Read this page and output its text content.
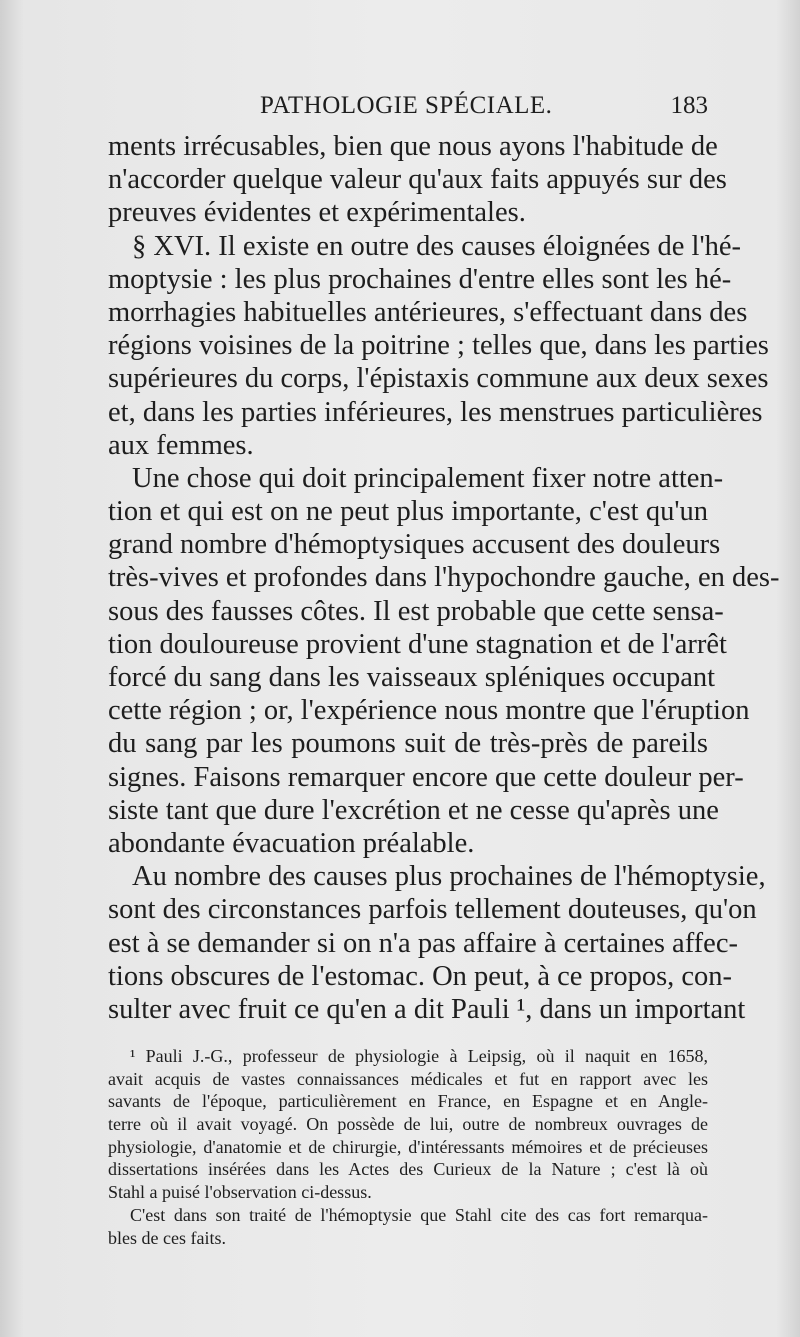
PATHOLOGIE SPÉCIALE.	183
ments irrécusables, bien que nous ayons l'habitude de
n'accorder quelque valeur qu'aux faits appuyés sur des
preuves évidentes et expérimentales.
§ XVI. Il existe en outre des causes éloignées de l'hé-
moptysie : les plus prochaines d'entre elles sont les hé-
morrhagies habituelles antérieures, s'effectuant dans des
régions voisines de la poitrine ; telles que, dans les parties
supérieures du corps, l'épistaxis commune aux deux sexes
et, dans les parties inférieures, les menstrues particulières
aux femmes.
Une chose qui doit principalement fixer notre atten-
tion et qui est on ne peut plus importante, c'est qu'un
grand nombre d'hémoptysiques accusent des douleurs
très-vives et profondes dans l'hypochondre gauche, en des-
sous des fausses côtes. Il est probable que cette sensa-
tion douloureuse provient d'une stagnation et de l'arrêt
forcé du sang dans les vaisseaux spléniques occupant
cette région ; or, l'expérience nous montre que l'éruption
du sang par les poumons suit de très-près de pareils
signes. Faisons remarquer encore que cette douleur per-
siste tant que dure l'excrétion et ne cesse qu'après une
abondante évacuation préalable.
Au nombre des causes plus prochaines de l'hémoptysie,
sont des circonstances parfois tellement douteuses, qu'on
est à se demander si on n'a pas affaire à certaines affec-
tions obscures de l'estomac. On peut, à ce propos, con-
sulter avec fruit ce qu'en a dit Pauli ¹, dans un important
¹ Pauli J.-G., professeur de physiologie à Leipsig, où il naquit en 1658,
avait acquis de vastes connaissances médicales et fut en rapport avec les
savants de l'époque, particulièrement en France, en Espagne et en Angle-
terre où il avait voyagé. On possède de lui, outre de nombreux ouvrages de
physiologie, d'anatomie et de chirurgie, d'intéressants mémoires et de précieuses
dissertations insérées dans les Actes des Curieux de la Nature ; c'est là où
Stahl a puisé l'observation ci-dessus.
C'est dans son traité de l'hémoptysie que Stahl cite des cas fort remarqua-
bles de ces faits.
